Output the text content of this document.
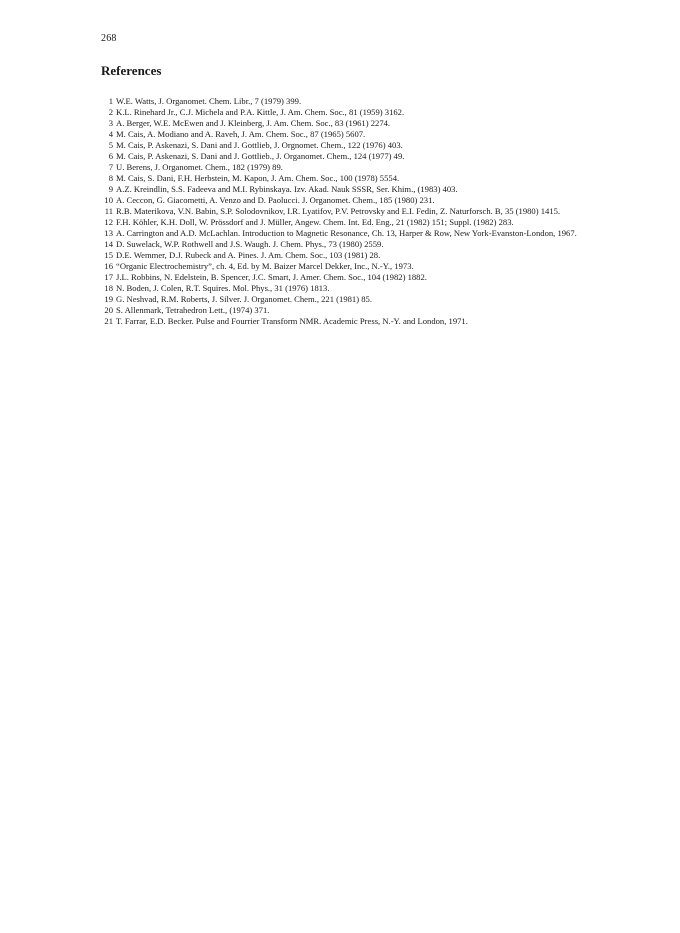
268
References
1 W.E. Watts, J. Organomet. Chem. Libr., 7 (1979) 399.
2 K.L. Rinehard Jr., C.J. Michela and P.A. Kittle, J. Am. Chem. Soc., 81 (1959) 3162.
3 A. Berger, W.E. McEwen and J. Kleinberg, J. Am. Chem. Soc., 83 (1961) 2274.
4 M. Cais, A. Modiano and A. Raveh, J. Am. Chem. Soc., 87 (1965) 5607.
5 M. Cais, P. Askenazi, S. Dani and J. Gottlieb, J. Orgnomet. Chem., 122 (1976) 403.
6 M. Cais, P. Askenazi, S. Dani and J. Gottlieb., J. Organomet. Chem., 124 (1977) 49.
7 U. Berens, J. Organomet. Chem., 182 (1979) 89.
8 M. Cais, S. Dani, F.H. Herbstein, M. Kapon, J. Am. Chem. Soc., 100 (1978) 5554.
9 A.Z. Kreindlin, S.S. Fadeeva and M.I. Rybinskaya. Izv. Akad. Nauk SSSR, Ser. Khim., (1983) 403.
10 A. Ceccon, G. Giacometti, A. Venzo and D. Paolucci. J. Organomet. Chem., 185 (1980) 231.
11 R.B. Materikova, V.N. Babin, S.P. Solodovnikov, I.R. Lyatifov, P.V. Petrovsky and E.I. Fedin, Z. Naturforsch. B, 35 (1980) 1415.
12 F.H. Köhler, K.H. Doll, W. Prössdorf and J. Müller, Angew. Chem. Int. Ed. Eng., 21 (1982) 151; Suppl. (1982) 283.
13 A. Carrington and A.D. McLachlan. Introduction to Magnetic Resonance, Ch. 13, Harper & Row, New York-Evanston-London, 1967.
14 D. Suwelack, W.P. Rothwell and J.S. Waugh. J. Chem. Phys., 73 (1980) 2559.
15 D.E. Wemmer, D.J. Rubeck and A. Pines. J. Am. Chem. Soc., 103 (1981) 28.
16 “Organic Electrochemistry”, ch. 4, Ed. by M. Baizer Marcel Dekker, Inc., N.-Y., 1973.
17 J.L. Robbins, N. Edelstein, B. Spencer, J.C. Smart, J. Amer. Chem. Soc., 104 (1982) 1882.
18 N. Boden, J. Colen, R.T. Squires. Mol. Phys., 31 (1976) 1813.
19 G. Neshvad, R.M. Roberts, J. Silver. J. Organomet. Chem., 221 (1981) 85.
20 S. Allenmark, Tetrahedron Lett., (1974) 371.
21 T. Farrar, E.D. Becker. Pulse and Fourrier Transform NMR. Academic Press, N.-Y. and London, 1971.
